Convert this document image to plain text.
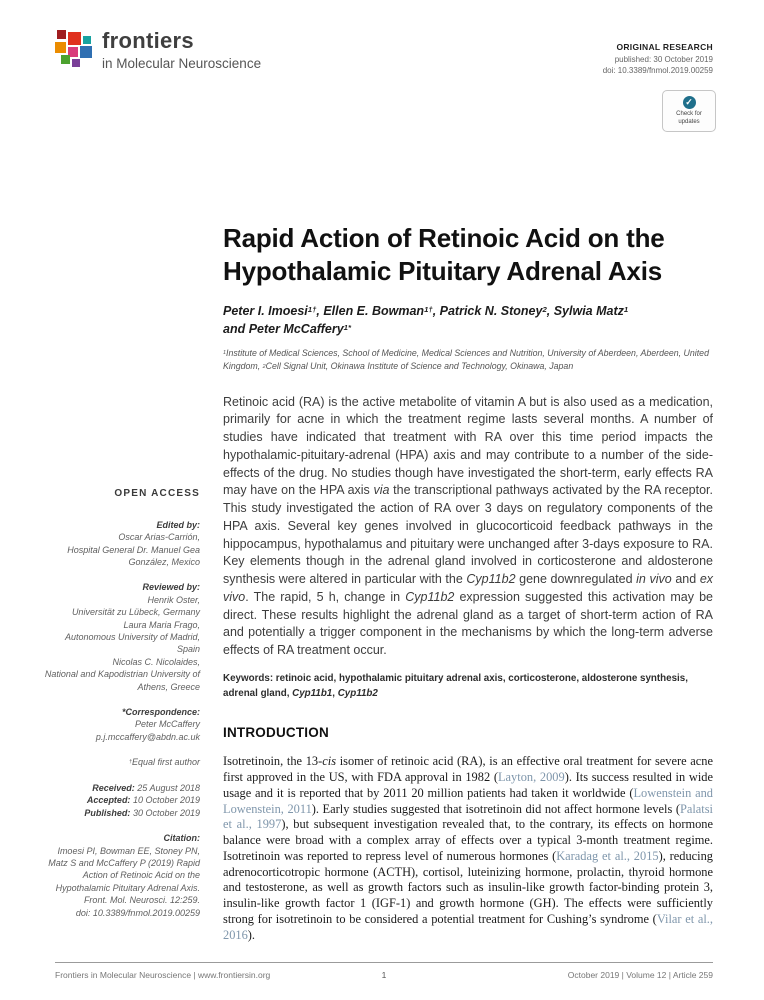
frontiers
in Molecular Neuroscience
ORIGINAL RESEARCH
published: 30 October 2019
doi: 10.3389/fnmol.2019.00259
✓
Check for updates
OPEN ACCESS
Edited by:
Oscar Arias-Carrión,
Hospital General Dr. Manuel Gea González, Mexico
Reviewed by:
Henrik Oster,
Universität zu Lübeck, Germany
Laura Maria Frago,
Autonomous University of Madrid, Spain
Nicolas C. Nicolaides,
National and Kapodistrian University of Athens, Greece
*Correspondence:
Peter McCaffery
p.j.mccaffery@abdn.ac.uk
†Equal first author
Received: 25 August 2018
Accepted: 10 October 2019
Published: 30 October 2019
Citation:
Imoesi PI, Bowman EE, Stoney PN, Matz S and McCaffery P (2019) Rapid Action of Retinoic Acid on the Hypothalamic Pituitary Adrenal Axis. Front. Mol. Neurosci. 12:259.
doi: 10.3389/fnmol.2019.00259
Rapid Action of Retinoic Acid on the
Hypothalamic Pituitary Adrenal Axis
Peter I. Imoesi$^{1\dagger}$, Ellen E. Bowman$^{1\dagger}$, Patrick N. Stoney$^2$, Sylwia Matz$^1$
and Peter McCaffery$^{1*}$
$^1$Institute of Medical Sciences, School of Medicine, Medical Sciences and Nutrition, University of Aberdeen, Aberdeen, United Kingdom, $^2$Cell Signal Unit, Okinawa Institute of Science and Technology, Okinawa, Japan

Retinoic acid (RA) is the active metabolite of vitamin A but is also used as a medication, primarily for acne in which the treatment regime lasts several months. A number of studies have indicated that treatment with RA over this time period impacts the hypothalamic-pituitary-adrenal (HPA) axis and may contribute to a number of the side-effects of the drug. No studies though have investigated the short-term, early effects RA may have on the HPA axis via the transcriptional pathways activated by the RA receptor. This study investigated the action of RA over 3 days on regulatory components of the HPA axis. Several key genes involved in glucocorticoid feedback pathways in the hippocampus, hypothalamus and pituitary were unchanged after 3-days exposure to RA. Key elements though in the adrenal gland involved in corticosterone and aldosterone synthesis were altered in particular with the Cyp11b2 gene downregulated in vivo and ex vivo. The rapid, 5 h, change in Cyp11b2 expression suggested this activation may be direct. These results highlight the adrenal gland as a target of short-term action of RA and potentially a trigger component in the mechanisms by which the long-term adverse effects of RA treatment occur.

Keywords: retinoic acid, hypothalamic pituitary adrenal axis, corticosterone, aldosterone synthesis, adrenal gland, Cyp11b1, Cyp11b2

INTRODUCTION

Isotretinoin, the 13-cis isomer of retinoic acid (RA), is an effective oral treatment for severe acne first approved in the US, with FDA approval in 1982 (Layton, 2009). Its success resulted in wide usage and it is reported that by 2011 20 million patients had taken it worldwide (Lowenstein and Lowenstein, 2011). Early studies suggested that isotretinoin did not affect hormone levels (Palatsi et al., 1997), but subsequent investigation revealed that, to the contrary, its effects on hormone balance were broad with a complex array of effects over a typical 3-month treatment regime. Isotretinoin was reported to repress level of numerous hormones (Karadag et al., 2015), reducing adrenocorticotropic hormone (ACTH), cortisol, luteinizing hormone, prolactin, thyroid hormone and testosterone, as well as growth factors such as insulin-like growth factor-binding protein 3, insulin-like growth factor 1 (IGF-1) and growth hormone (GH). The effects were sufficiently strong for isotretinoin to be considered a potential treatment for Cushing’s syndrome (Vilar et al., 2016).

Frontiers in Molecular Neuroscience | www.frontiersin.org	1	October 2019 | Volume 12 | Article 259
